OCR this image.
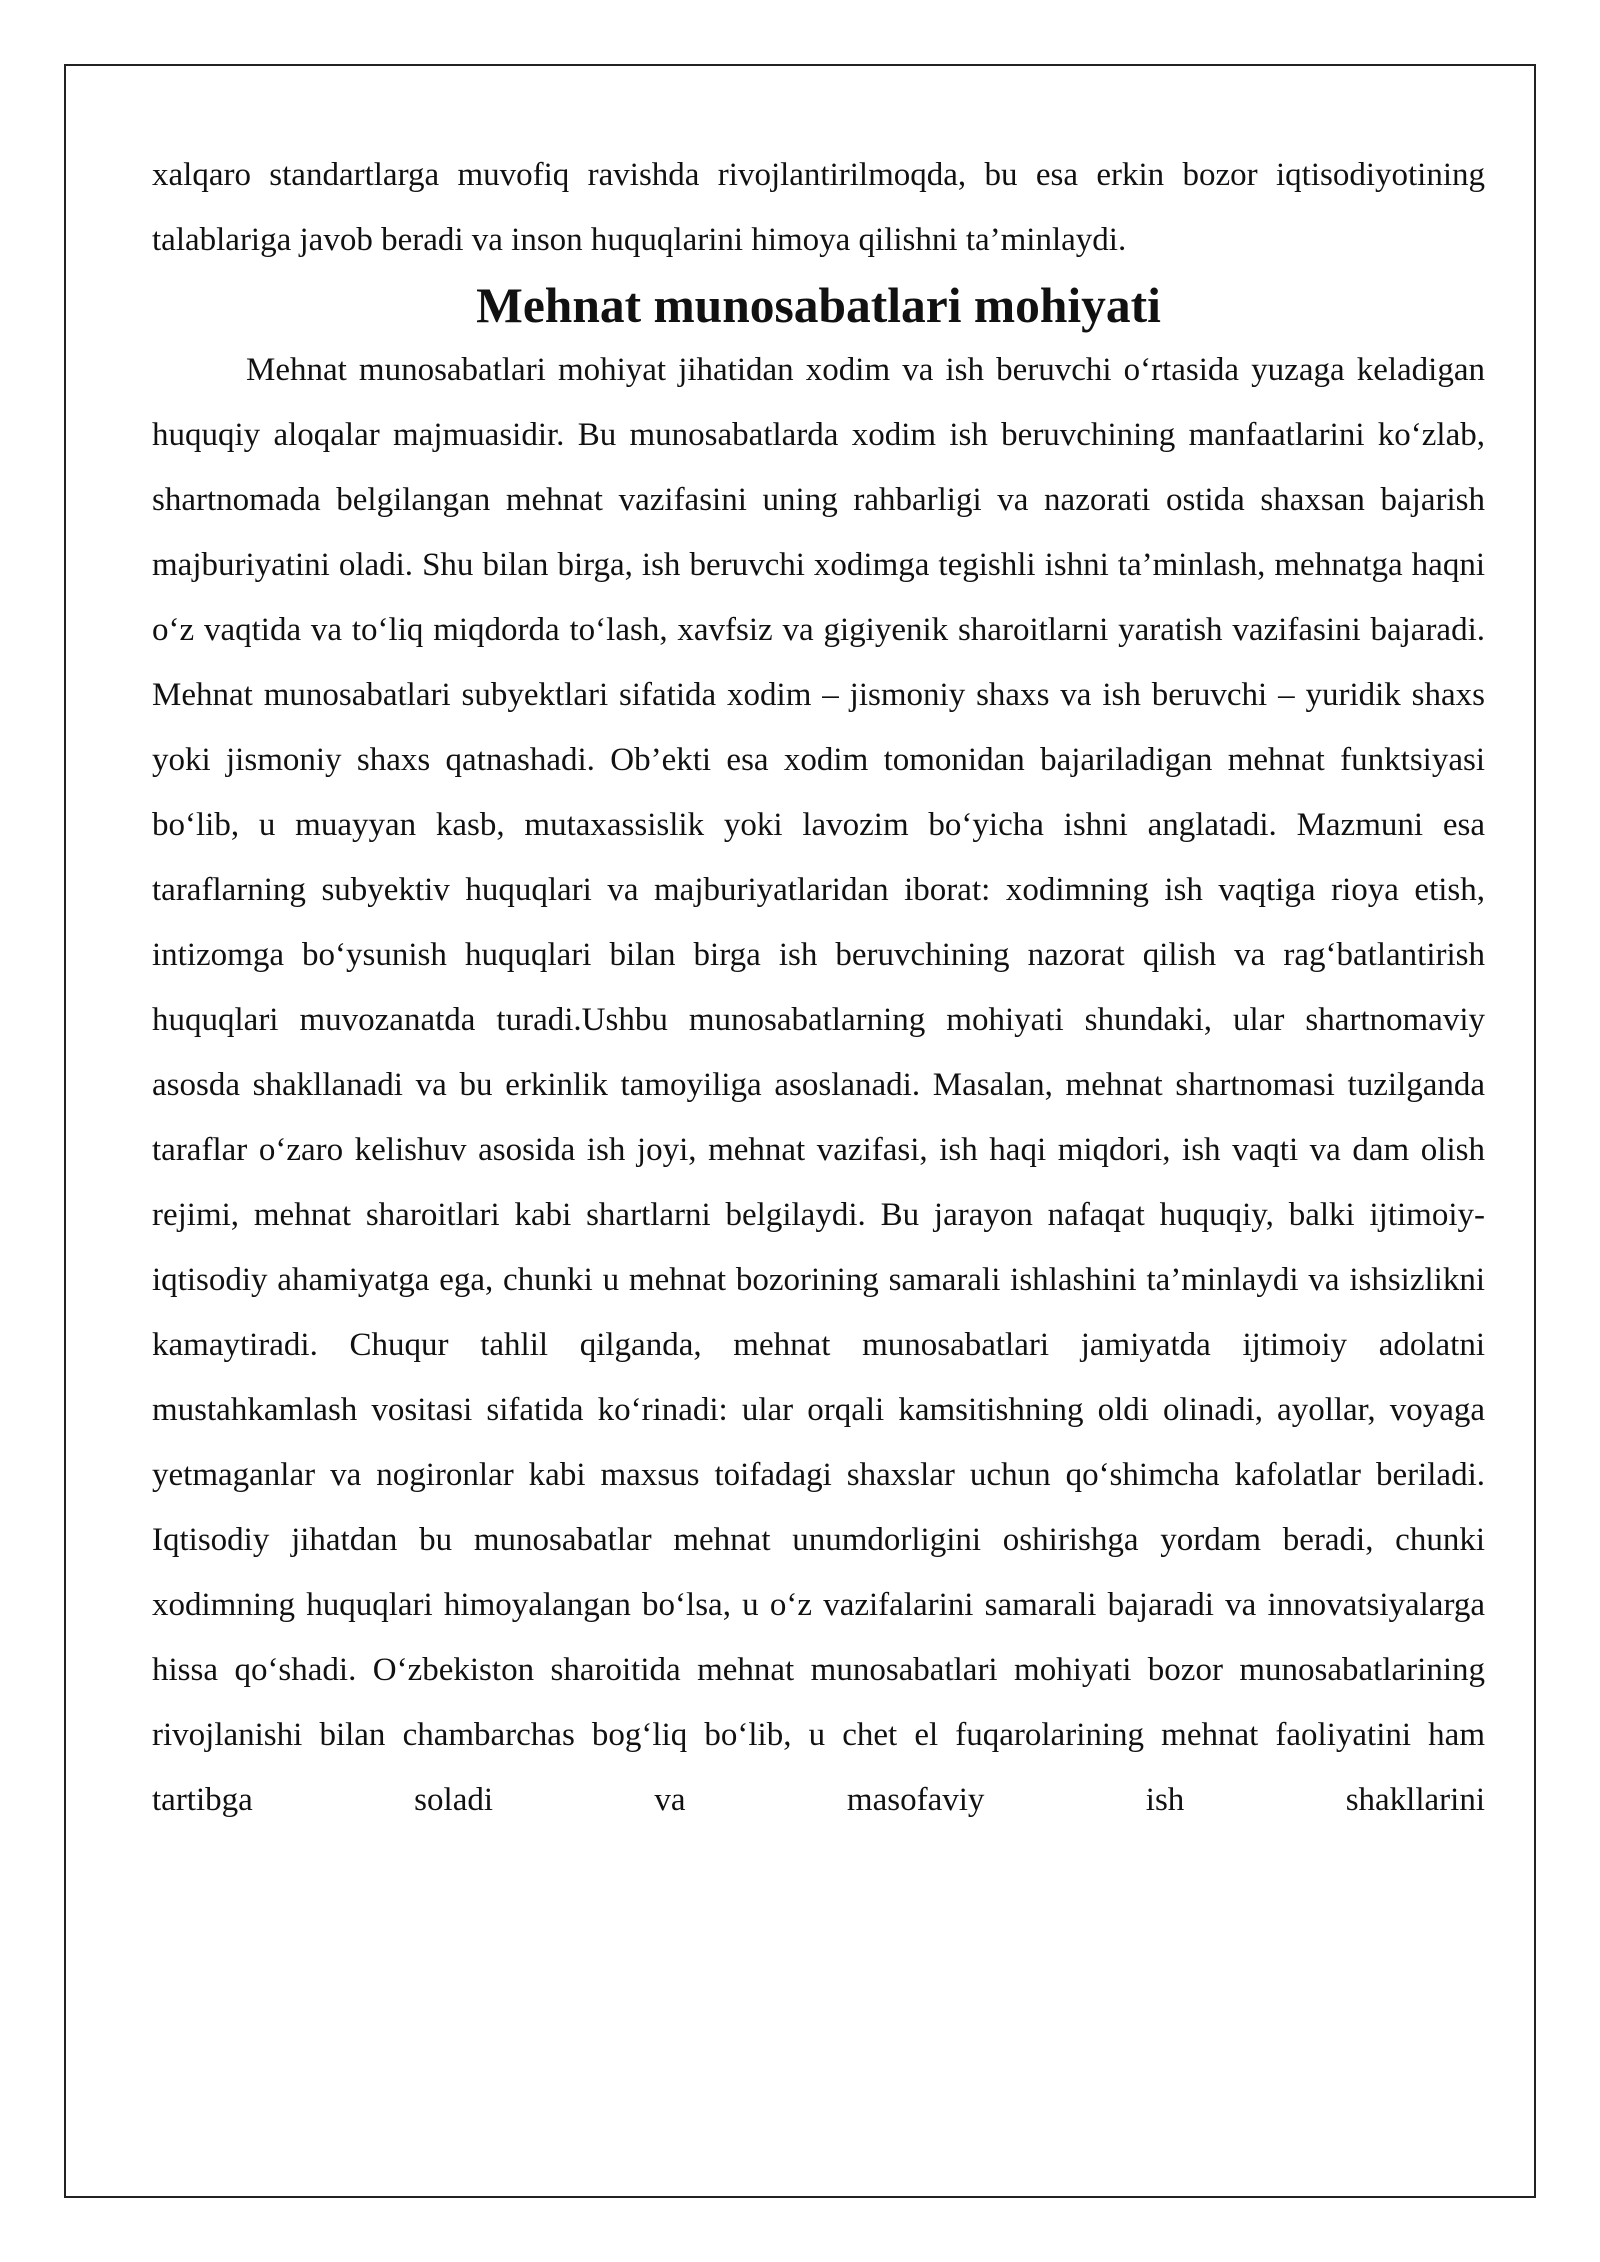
xalqaro standartlarga muvofiq ravishda rivojlantirilmoqda, bu esa erkin bozor iqtisodiyotining talablariga javob beradi va inson huquqlarini himoya qilishni ta’minlaydi.

Mehnat munosabatlari mohiyati

Mehnat munosabatlari mohiyat jihatidan xodim va ish beruvchi o‘rtasida yuzaga keladigan huquqiy aloqalar majmuasidir. Bu munosabatlarda xodim ish beruvchining manfaatlarini ko‘zlab, shartnomada belgilangan mehnat vazifasini uning rahbarligi va nazorati ostida shaxsan bajarish majburiyatini oladi. Shu bilan birga, ish beruvchi xodimga tegishli ishni ta’minlash, mehnatga haqni o‘z vaqtida va to‘liq miqdorda to‘lash, xavfsiz va gigiyenik sharoitlarni yaratish vazifasini bajaradi. Mehnat munosabatlari subyektlari sifatida xodim – jismoniy shaxs va ish beruvchi – yuridik shaxs yoki jismoniy shaxs qatnashadi. Ob’ekti esa xodim tomonidan bajariladigan mehnat funktsiyasi bo‘lib, u muayyan kasb, mutaxassislik yoki lavozim bo‘yicha ishni anglatadi. Mazmuni esa taraflarning subyektiv huquqlari va majburiyatlaridan iborat: xodimning ish vaqtiga rioya etish, intizomga bo‘ysunish huquqlari bilan birga ish beruvchining nazorat qilish va rag‘batlantirish huquqlari muvozanatda turadi.Ushbu munosabatlarning mohiyati shundaki, ular shartnomaviy asosda shakllanadi va bu erkinlik tamoyiliga asoslanadi. Masalan, mehnat shartnomasi tuzilganda taraflar o‘zaro kelishuv asosida ish joyi, mehnat vazifasi, ish haqi miqdori, ish vaqti va dam olish rejimi, mehnat sharoitlari kabi shartlarni belgilaydi. Bu jarayon nafaqat huquqiy, balki ijtimoiy-iqtisodiy ahamiyatga ega, chunki u mehnat bozorining samarali ishlashini ta’minlaydi va ishsizlikni kamaytiradi. Chuqur tahlil qilganda, mehnat munosabatlari jamiyatda ijtimoiy adolatni mustahkamlash vositasi sifatida ko‘rinadi: ular orqali kamsitishning oldi olinadi, ayollar, voyaga yetmaganlar va nogironlar kabi maxsus toifadagi shaxslar uchun qo‘shimcha kafolatlar beriladi. Iqtisodiy jihatdan bu munosabatlar mehnat unumdorligini oshirishga yordam beradi, chunki xodimning huquqlari himoyalangan bo‘lsa, u o‘z vazifalarini samarali bajaradi va innovatsiyalarga hissa qo‘shadi. O‘zbekiston sharoitida mehnat munosabatlari mohiyati bozor munosabatlarining rivojlanishi bilan chambarchas bog‘liq bo‘lib, u chet el fuqarolarining mehnat faoliyatini ham tartibga soladi va masofaviy ish shakllarini
